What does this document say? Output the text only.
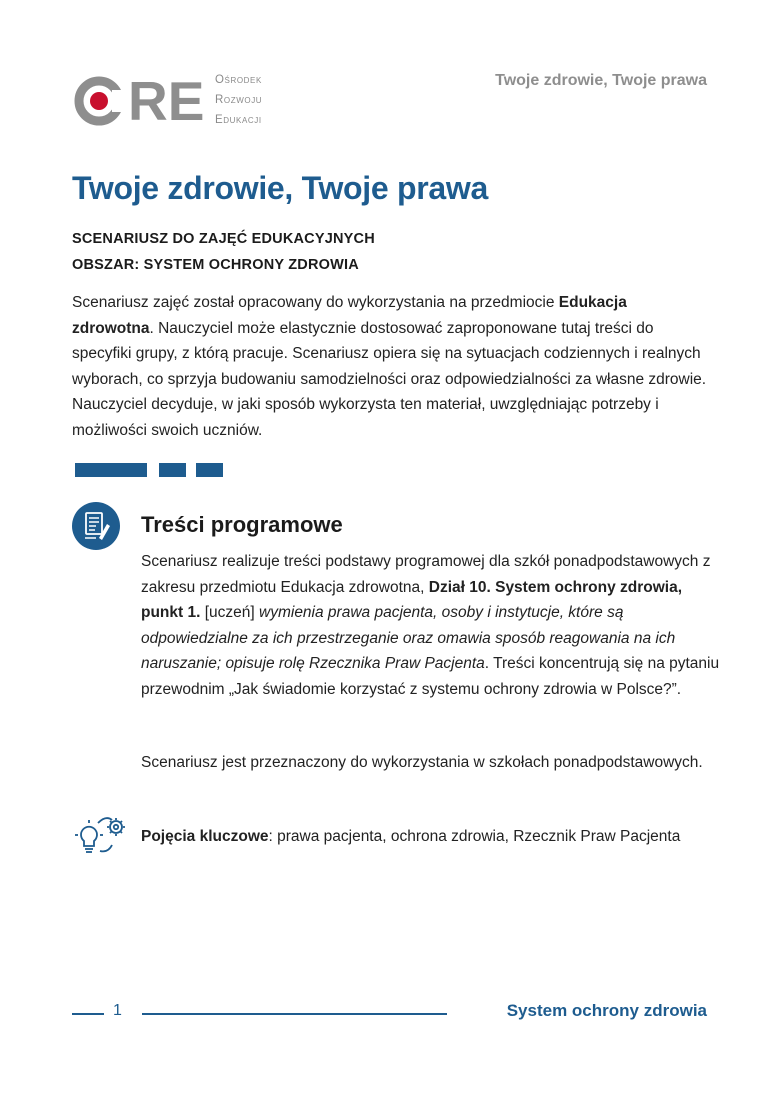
RE Ośrodek
Rozwoju
Edukacji
Twoje zdrowie, Twoje prawa
Twoje zdrowie, Twoje prawa
SCENARIUSZ DO ZAJĘĆ EDUKACYJNYCH
OBSZAR: SYSTEM OCHRONY ZDROWIA

Scenariusz zajęć został opracowany do wykorzystania na przedmiocie Edukacja zdrowotna. Nauczyciel może elastycznie dostosować zaproponowane tutaj treści do specyfiki grupy, z którą pracuje. Scenariusz opiera się na sytuacjach codziennych i realnych wyborach, co sprzyja budowaniu samodzielności oraz odpowiedzialności za własne zdrowie. Nauczyciel decyduje, w jaki sposób wykorzysta ten materiał, uwzględniając potrzeby i możliwości swoich uczniów.

Treści programowe

Scenariusz realizuje treści podstawy programowej dla szkół ponadpodstawowych z zakresu przedmiotu Edukacja zdrowotna, Dział 10. System ochrony zdrowia, punkt 1. [uczeń] wymienia prawa pacjenta, osoby i instytucje, które są odpowiedzialne za ich przestrzeganie oraz omawia sposób reagowania na ich naruszanie; opisuje rolę Rzecznika Praw Pacjenta. Treści koncentrują się na pytaniu przewodnim „Jak świadomie korzystać z systemu ochrony zdrowia w Polsce?”.

Scenariusz jest przeznaczony do wykorzystania w szkołach ponadpodstawowych.

Pojęcia kluczowe: prawa pacjenta, ochrona zdrowia, Rzecznik Praw Pacjenta

1	System ochrony zdrowia
